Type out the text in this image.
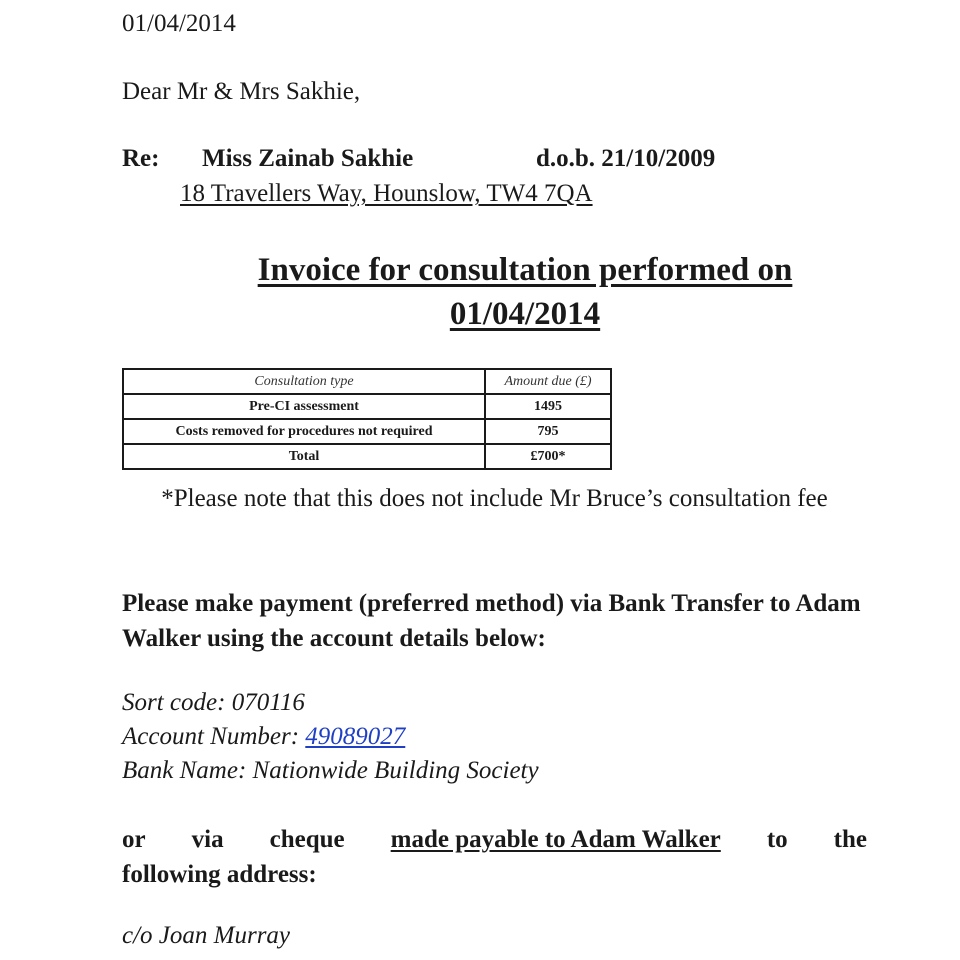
01/04/2014
Dear Mr & Mrs Sakhie,
Re: Miss Zainab Sakhie	d.o.b. 21/10/2009
18 Travellers Way, Hounslow, TW4 7QA
Invoice for consultation performed on
01/04/2014
Consultation type	Amount due (£)
Pre-CI assessment	1495
Costs removed for procedures not required	795
Total	£700*
*Please note that this does not include Mr Bruce’s consultation fee
Please make payment (preferred method) via Bank Transfer to Adam Walker using the account details below:
Sort code: 070116
Account Number: 49089027
Bank Name: Nationwide Building Society
or via cheque made payable to Adam Walker to the
following address:
c/o Joan Murray
